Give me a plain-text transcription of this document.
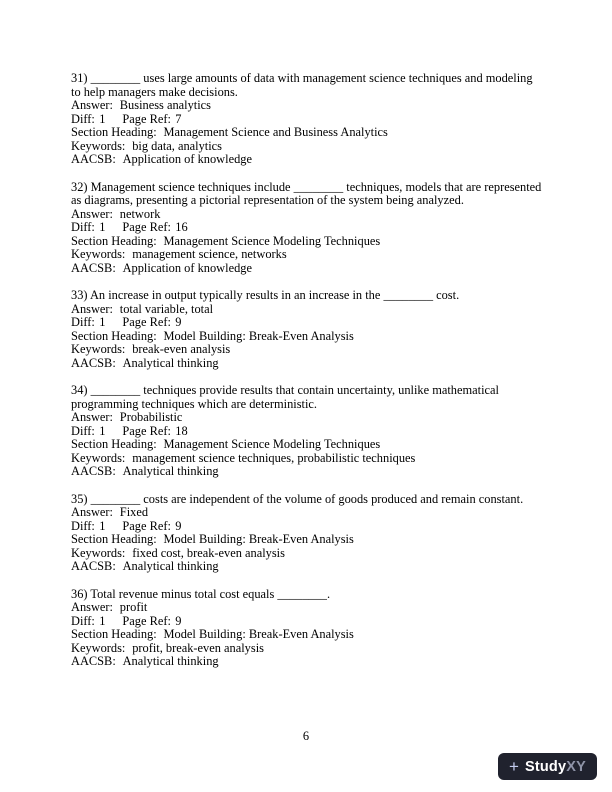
31) ________ uses large amounts of data with management science techniques and modeling to help managers make decisions.

Answer: Business analytics

Diff: 1 Page Ref: 7

Section Heading: Management Science and Business Analytics

Keywords: big data, analytics

AACSB: Application of knowledge

32) Management science techniques include ________ techniques, models that are represented as diagrams, presenting a pictorial representation of the system being analyzed.

Answer: network

Diff: 1 Page Ref: 16

Section Heading: Management Science Modeling Techniques

Keywords: management science, networks

AACSB: Application of knowledge

33) An increase in output typically results in an increase in the ________ cost.

Answer: total variable, total

Diff: 1 Page Ref: 9

Section Heading: Model Building: Break-Even Analysis

Keywords: break-even analysis

AACSB: Analytical thinking

34) ________ techniques provide results that contain uncertainty, unlike mathematical programming techniques which are deterministic.

Answer: Probabilistic

Diff: 1 Page Ref: 18

Section Heading: Management Science Modeling Techniques

Keywords: management science techniques, probabilistic techniques

AACSB: Analytical thinking

35) ________ costs are independent of the volume of goods produced and remain constant.

Answer: Fixed

Diff: 1 Page Ref: 9

Section Heading: Model Building: Break-Even Analysis

Keywords: fixed cost, break-even analysis

AACSB: Analytical thinking

36) Total revenue minus total cost equals ________.

Answer: profit

Diff: 1 Page Ref: 9

Section Heading: Model Building: Break-Even Analysis

Keywords: profit, break-even analysis

AACSB: Analytical thinking

6
+ StudyXY
